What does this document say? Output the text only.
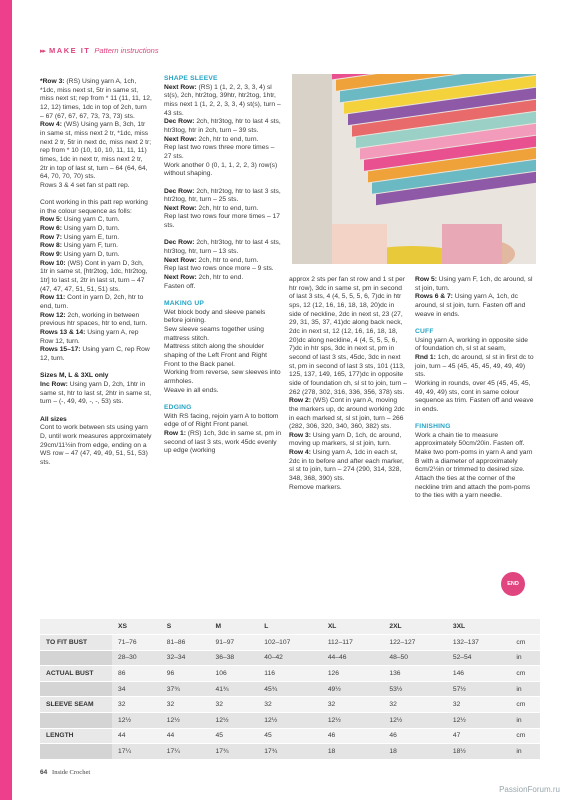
▸▸ MAKE IT Pattern instructions

*Row 3: (RS) Using yarn A, 1ch, *1dc, miss next st, 5tr in same st, miss next st; rep from * 11 (11, 11, 12, 12, 12) times, 1dc in top of 2ch, turn – 67 (67, 67, 67, 73, 73, 73) sts.

Row 4: (WS) Using yarn B, 3ch, 1tr in same st, miss next 2 tr, *1dc, miss next 2 tr, 5tr in next dc, miss next 2 tr; rep from * 10 (10, 10, 10, 11, 11, 11) times, 1dc in next tr, miss next 2 tr, 2tr in top of last st, turn – 64 (64, 64, 64, 70, 70, 70) sts.

Rows 3 & 4 set fan st patt rep.

Cont working in this patt rep working in the colour sequence as folls:

Row 5: Using yarn C, turn.

Row 6: Using yarn D, turn.

Row 7: Using yarn E, turn.

Row 8: Using yarn F, turn.

Row 9: Using yarn D, turn.

Row 10: (WS) Cont in yarn D, 3ch, 1tr in same st, [htr2tog, 1dc, htr2tog, 1tr] to last st, 2tr in last st, turn – 47 (47, 47, 47, 51, 51, 51) sts.

Row 11: Cont in yarn D, 2ch, htr to end, turn.

Row 12: 2ch, working in between previous htr spaces, htr to end, turn.

Rows 13 & 14: Using yarn A, rep Row 12, turn.

Rows 15–17: Using yarn C, rep Row 12, turn.

Sizes M, L & 3XL only

Inc Row: Using yarn D, 2ch, 1htr in same st, htr to last st, 2htr in same st, turn – (-, 49, 49, -, -, 53) sts.

All sizes

Cont to work between sts using yarn D, until work measures approximately 29cm/11½in from edge, ending on a WS row – 47 (47, 49, 49, 51, 51, 53) sts.

SHAPE SLEEVE

Next Row: (RS) 1 (1, 2, 2, 3, 3, 4) sl st(s), 2ch, htr2tog, 39htr, htr2tog, 1htr, miss next 1 (1, 2, 2, 3, 3, 4) st(s), turn – 43 sts.

Dec Row: 2ch, htr3tog, htr to last 4 sts, htr3tog, htr in 2ch, turn – 39 sts.

Next Row: 2ch, htr to end, turn.

Rep last two rows three more times – 27 sts.

Work another 0 (0, 1, 1, 2, 2, 3) row(s) without shaping.

Dec Row: 2ch, htr2tog, htr to last 3 sts, htr2tog, htr, turn – 25 sts.

Next Row: 2ch, htr to end, turn.

Rep last two rows four more times – 17 sts.

Dec Row: 2ch, htr3tog, htr to last 4 sts, htr3tog, htr, turn – 13 sts.

Next Row: 2ch, htr to end, turn.

Rep last two rows once more – 9 sts.

Next Row: 2ch, htr to end.

Fasten off.

MAKING UP

Wet block body and sleeve panels before joining.

Sew sleeve seams together using mattress stitch.

Mattress stitch along the shoulder shaping of the Left Front and Right Front to the Back panel.

Working from reverse, sew sleeves into armholes.

Weave in all ends.

EDGING

With RS facing, rejoin yarn A to bottom edge of of Right Front panel.

Row 1: (RS) 1ch, 3dc in same st, pm in second of last 3 sts, work 45dc evenly up edge (working

approx 2 sts per fan st row and 1 st per htr row), 3dc in same st, pm in second of last 3 sts, 4 (4, 5, 5, 5, 6, 7)dc in htr sps, 12 (12, 16, 16, 18, 18, 20)dc in side of neckline, 2dc in next st, 23 (27, 29, 31, 35, 37, 41)dc along back neck, 2dc in next st, 12 (12, 16, 16, 18, 18, 20)dc along neckline, 4 (4, 5, 5, 5, 6, 7)dc in htr sps, 3dc in next st, pm in second of last 3 sts, 45dc, 3dc in next st, pm in second of last 3 sts, 101 (113, 125, 137, 149, 165, 177)dc in opposite side of foundation ch, sl st to join, turn – 262 (278, 302, 316, 336, 356, 378) sts.

Row 2: (WS) Cont in yarn A, moving the markers up, dc around working 2dc in each marked st, sl st join, turn – 266 (282, 306, 320, 340, 360, 382) sts.

Row 3: Using yarn D, 1ch, dc around, moving up markers, sl st join, turn.

Row 4: Using yarn A, 1dc in each st, 2dc in to before and after each marker, sl st to join, turn – 274 (290, 314, 328, 348, 368, 390) sts.

Remove markers.

Row 5: Using yarn F, 1ch, dc around, sl st join, turn.

Rows 6 & 7: Using yarn A, 1ch, dc around, sl st join, turn. Fasten off and weave in ends.

CUFF

Using yarn A, working in opposite side of foundation ch, sl st at seam,

Rnd 1: 1ch, dc around, sl st in first dc to join, turn – 45 (45, 45, 45, 49, 49, 49) sts.

Working in rounds, over 45 (45, 45, 45, 49, 49, 49) sts, cont in same colour sequence as trim. Fasten off and weave in ends.

FINISHING

Work a chain tie to measure approximately 50cm/20in. Fasten off.

Make two pom-poms in yarn A and yarn B with a diameter of approximately 6cm/2½in or trimmed to desired size.

Attach the ties at the corner of the neckline trim and attach the pom-poms to the ties with a yarn needle.

END
	XS	S	M	L	XL	2XL	3XL	
TO FIT BUST	71–76	81–86	91–97	102–107	112–117	122–127	132–137	cm
	28–30	32–34	36–38	40–42	44–46	48–50	52–54	in
ACTUAL BUST	86	96	106	116	126	136	146	cm
	34	37¾	41¾	45¾	49½	53½	57½	in
SLEEVE SEAM	32	32	32	32	32	32	32	cm
	12½	12½	12½	12½	12½	12½	12½	in
LENGTH	44	44	45	45	46	46	47	cm
	17¼	17¼	17¾	17¾	18	18	18½	in
64 Inside Crochet
PassionForum.ru
